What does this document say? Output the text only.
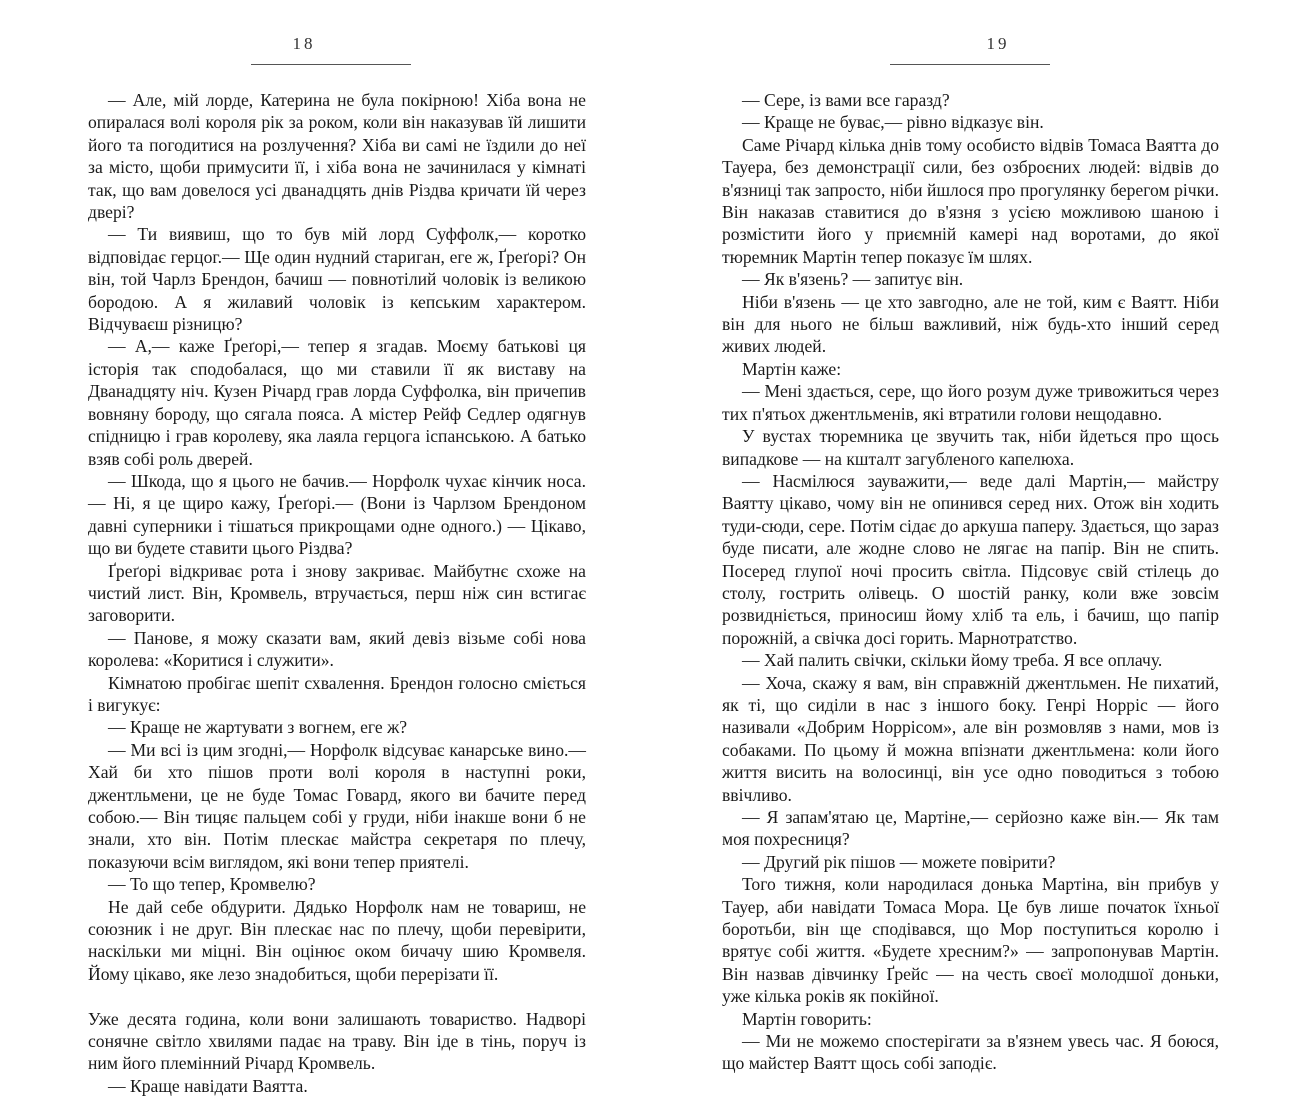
18

— Але, мій лорде, Катерина не була покірною! Хіба вона не опиралася волі короля рік за роком, коли він наказував їй лишити його та погодитися на розлучення? Хіба ви самі не їздили до неї за місто, щоби примусити її, і хіба вона не зачинилася у кімнаті так, що вам довелося усі дванадцять днів Різдва кричати їй через двері?

— Ти виявиш, що то був мій лорд Суффолк,— коротко відповідає герцог.— Ще один нудний стариган, еге ж, Ґреґорі? Он він, той Чарлз Брендон, бачиш — повнотілий чоловік із великою бородою. А я жилавий чоловік із кепським характером. Відчуваєш різницю?

— А,— каже Ґреґорі,— тепер я згадав. Моєму батькові ця історія так сподобалася, що ми ставили її як виставу на Дванадцяту ніч. Кузен Річард грав лорда Суффолка, він причепив вовняну бороду, що сягала пояса. А містер Рейф Седлер одягнув спідницю і грав королеву, яка лаяла герцога іспанською. А батько взяв собі роль дверей.

— Шкода, що я цього не бачив.— Норфолк чухає кінчик носа.— Ні, я це щиро кажу, Ґреґорі.— (Вони із Чарлзом Брендоном давні суперники і тішаться прикрощами одне одного.) — Цікаво, що ви будете ставити цього Різдва?

Ґреґорі відкриває рота і знову закриває. Майбутнє схоже на чистий лист. Він, Кромвель, втручається, перш ніж син встигає заговорити.

— Панове, я можу сказати вам, який девіз візьме собі нова королева: «Коритися і служити».

Кімнатою пробігає шепіт схвалення. Брендон голосно сміється і вигукує:

— Краще не жартувати з вогнем, еге ж?

— Ми всі із цим згодні,— Норфолк відсуває канарське вино.— Хай би хто пішов проти волі короля в наступні роки, джентльмени, це не буде Томас Говард, якого ви бачите перед собою.— Він тицяє пальцем собі у груди, ніби інакше вони б не знали, хто він. Потім плескає майстра секретаря по плечу, показуючи всім виглядом, які вони тепер приятелі.

— То що тепер, Кромвелю?

Не дай себе обдурити. Дядько Норфолк нам не товариш, не союзник і не друг. Він плескає нас по плечу, щоби перевірити, наскільки ми міцні. Він оцінює оком бичачу шию Кромвеля. Йому цікаво, яке лезо знадобиться, щоби перерізати її.

Уже десята година, коли вони залишають товариство. Надворі сонячне світло хвилями падає на траву. Він іде в тінь, поруч із ним його племінний Річард Кромвель.

— Краще навідати Ваятта.

19

— Сере, із вами все гаразд?

— Краще не буває,— рівно відказує він.

Саме Річард кілька днів тому особисто відвів Томаса Ваятта до Тауера, без демонстрації сили, без озброєних людей: відвів до в'язниці так запросто, ніби йшлося про прогулянку берегом річки. Він наказав ставитися до в'язня з усією можливою шаною і розмістити його у приємній камері над воротами, до якої тюремник Мартін тепер показує їм шлях.

— Як в'язень? — запитує він.

Ніби в'язень — це хто завгодно, але не той, ким є Ваятт. Ніби він для нього не більш важливий, ніж будь-хто інший серед живих людей.

Мартін каже:

— Мені здається, сере, що його розум дуже тривожиться через тих п'ятьох джентльменів, які втратили голови нещодавно.

У вустах тюремника це звучить так, ніби йдеться про щось випадкове — на кшталт загубленого капелюха.

— Насмілюся зауважити,— веде далі Мартін,— майстру Ваятту цікаво, чому він не опинився серед них. Отож він ходить туди-сюди, сере. Потім сідає до аркуша паперу. Здається, що зараз буде писати, але жодне слово не лягає на папір. Він не спить. Посеред глупої ночі просить світла. Підсовує свій стілець до столу, гострить олівець. О шостій ранку, коли вже зовсім розвидніється, приносиш йому хліб та ель, і бачиш, що папір порожній, а свічка досі горить. Марнотратство.

— Хай палить свічки, скільки йому треба. Я все оплачу.

— Хоча, скажу я вам, він справжній джентльмен. Не пихатий, як ті, що сиділи в нас з іншого боку. Генрі Норріс — його називали «Добрим Норрісом», але він розмовляв з нами, мов із собаками. По цьому й можна впізнати джентльмена: коли його життя висить на волосинці, він усе одно поводиться з тобою ввічливо.

— Я запам'ятаю це, Мартіне,— серйозно каже він.— Як там моя похресниця?

— Другий рік пішов — можете повірити?

Того тижня, коли народилася донька Мартіна, він прибув у Тауер, аби навідати Томаса Мора. Це був лише початок їхньої боротьби, він ще сподівався, що Мор поступиться королю і врятує собі життя. «Будете хресним?» — запропонував Мартін. Він назвав дівчинку Ґрейс — на честь своєї молодшої доньки, уже кілька років як покійної.

Мартін говорить:

— Ми не можемо спостерігати за в'язнем увесь час. Я боюся, що майстер Ваятт щось собі заподіє.
